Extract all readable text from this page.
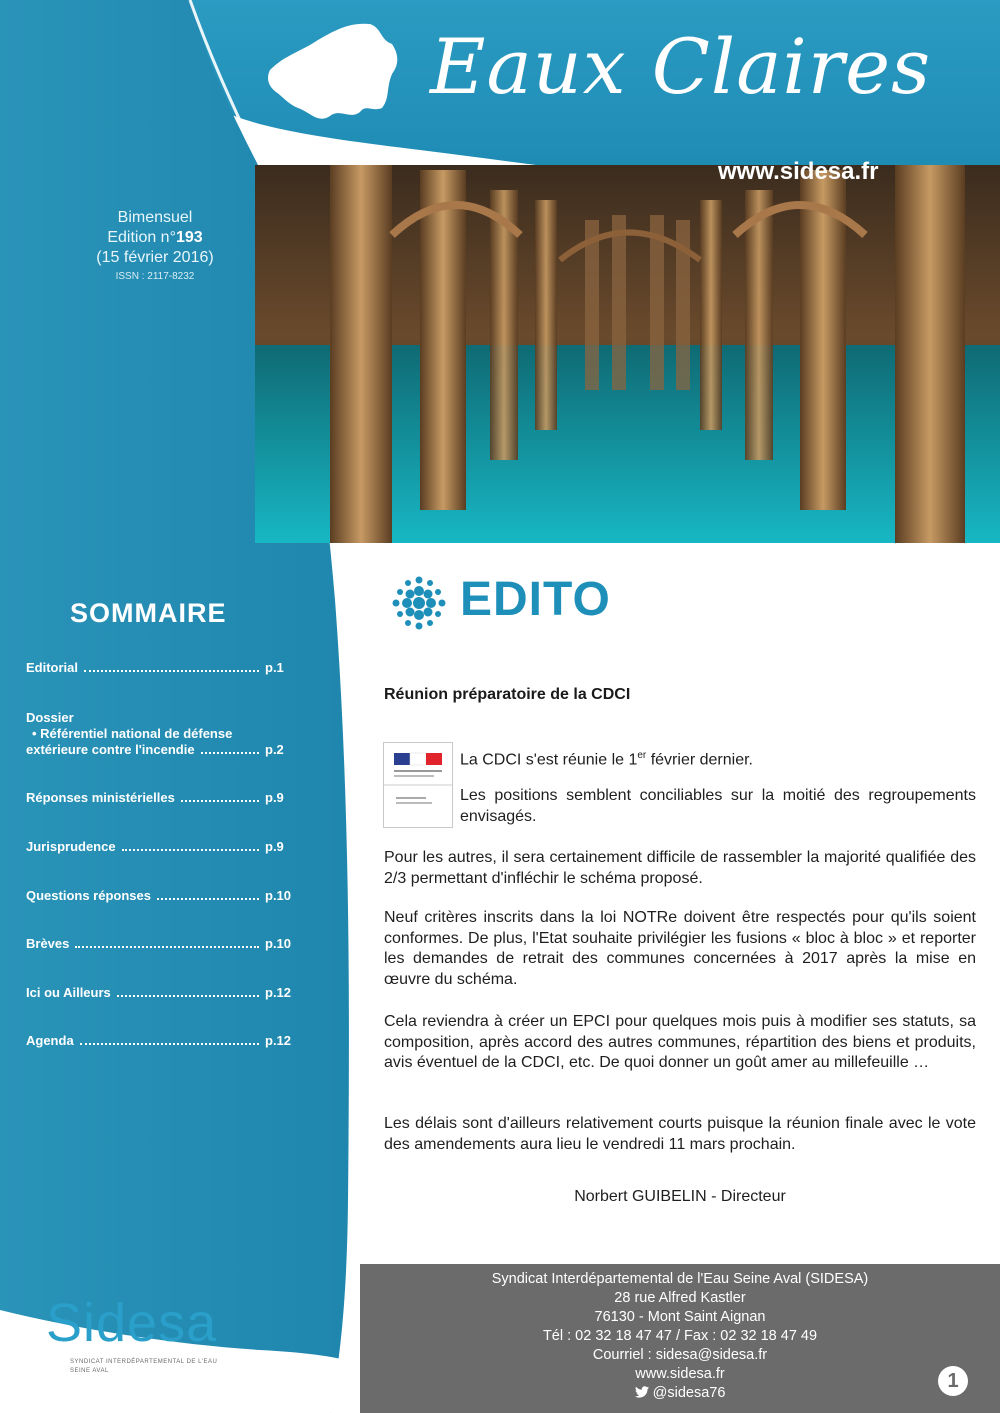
Eaux Claires
www.sidesa.fr
Bimensuel
Edition n°193
(15 février 2016)
ISSN : 2117-8232
SOMMAIRE
Editorial	p.1
Dossier
• Référentiel national de défense
extérieure contre l'incendie	p.2
Réponses ministérielles	p.9
Jurisprudence	p.9
Questions réponses	p.10
Brèves	p.10
Ici ou Ailleurs	p.12
Agenda	p.12
EDITO
Réunion préparatoire de la CDCI
La CDCI s'est réunie le 1er février dernier.
Les positions semblent conciliables sur la moitié des regroupements envisagés.
Pour les autres, il sera certainement difficile de rassembler la majorité qualifiée des 2/3 permettant d'infléchir le schéma proposé.
Neuf critères inscrits dans la loi NOTRe doivent être respectés pour qu'ils soient conformes. De plus, l'Etat souhaite privilégier les fusions « bloc à bloc » et reporter les demandes de retrait des communes concernées à 2017 après la mise en œuvre du schéma.
Cela reviendra à créer un EPCI pour quelques mois puis à modifier ses statuts, sa composition, après accord des autres communes, répartition des biens et produits, avis éventuel de la CDCI, etc. De quoi donner un goût amer au millefeuille …
Les délais sont d'ailleurs relativement courts puisque la réunion finale avec le vote des amendements aura lieu le vendredi 11 mars prochain.
Norbert GUIBELIN - Directeur
Syndicat Interdépartemental de l'Eau Seine Aval (SIDESA)
28 rue Alfred Kastler
76130 - Mont Saint Aignan
Tél : 02 32 18 47 47 / Fax : 02 32 18 47 49
Courriel : sidesa@sidesa.fr
www.sidesa.fr
@sidesa76
1
Sidesa
SYNDICAT INTERDÉPARTEMENTAL DE L'EAU SEINE AVAL
